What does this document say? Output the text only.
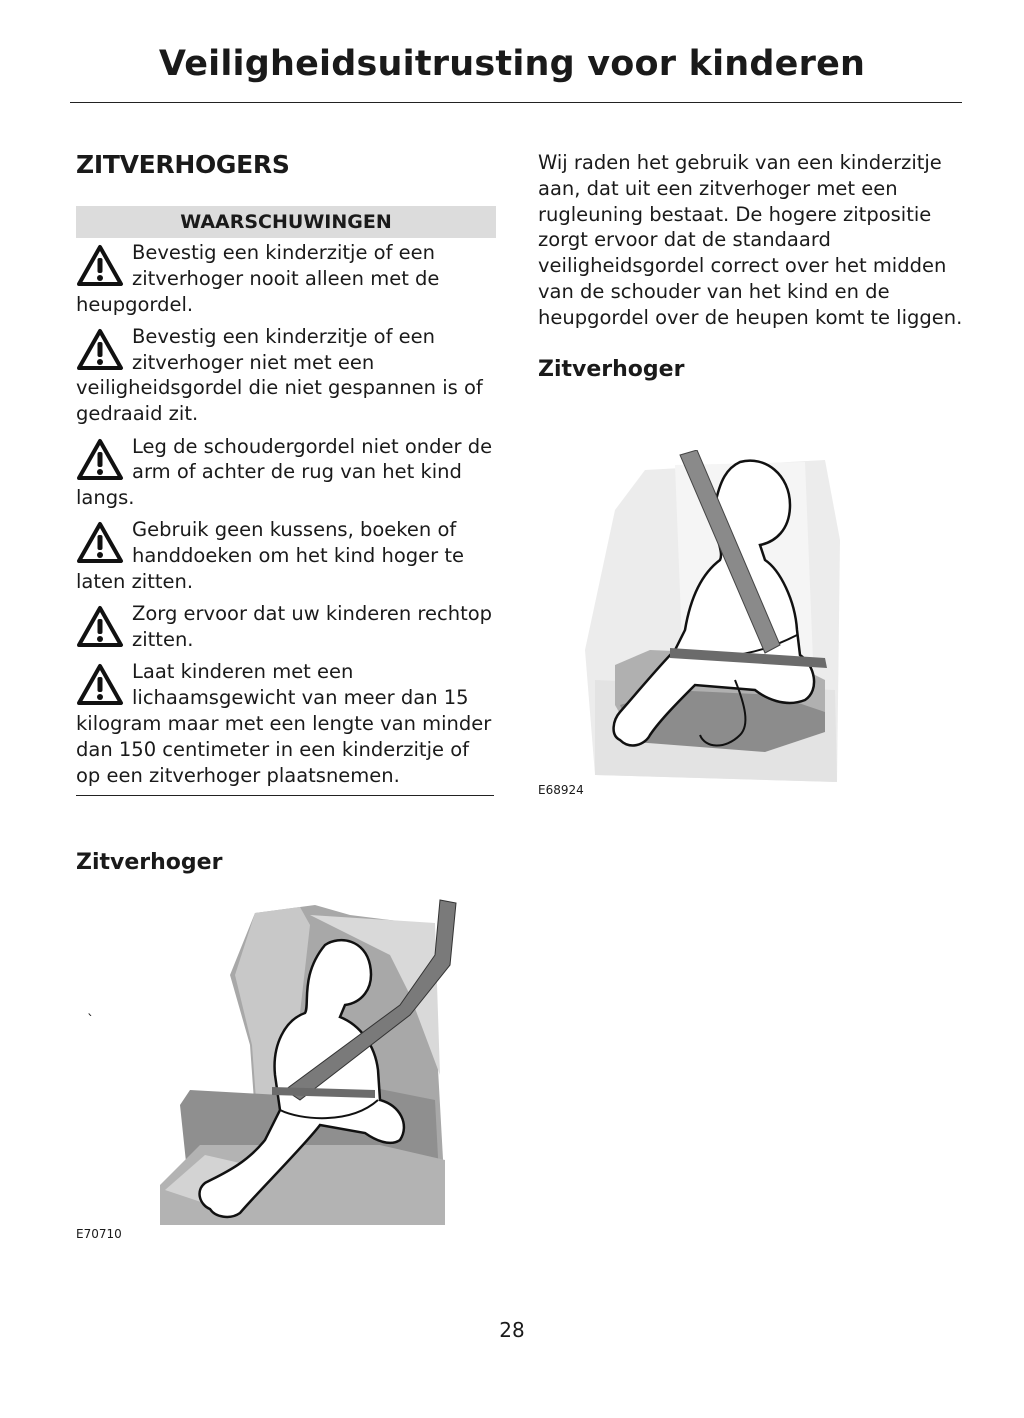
Veiligheidsuitrusting voor kinderen
ZITVERHOGERS
WAARSCHUWINGEN
Bevestig een kinderzitje of een zitverhoger nooit alleen met de heupgordel.
Bevestig een kinderzitje of een zitverhoger niet met een veiligheidsgordel die niet gespannen is of gedraaid zit.
Leg de schoudergordel niet onder de arm of achter de rug van het kind langs.
Gebruik geen kussens, boeken of handdoeken om het kind hoger te laten zitten.
Zorg ervoor dat uw kinderen rechtop zitten.
Laat kinderen met een lichaamsgewicht van meer dan 15 kilogram maar met een lengte van minder dan 150 centimeter in een kinderzitje of op een zitverhoger plaatsnemen.
Zitverhoger
`
E70710

Wij raden het gebruik van een kinderzitje aan, dat uit een zitverhoger met een rugleuning bestaat. De hogere zitpositie zorgt ervoor dat de standaard veiligheidsgordel correct over het midden van de schouder van het kind en de heupgordel over de heupen komt te liggen.

Zitverhoger
E68924
28
